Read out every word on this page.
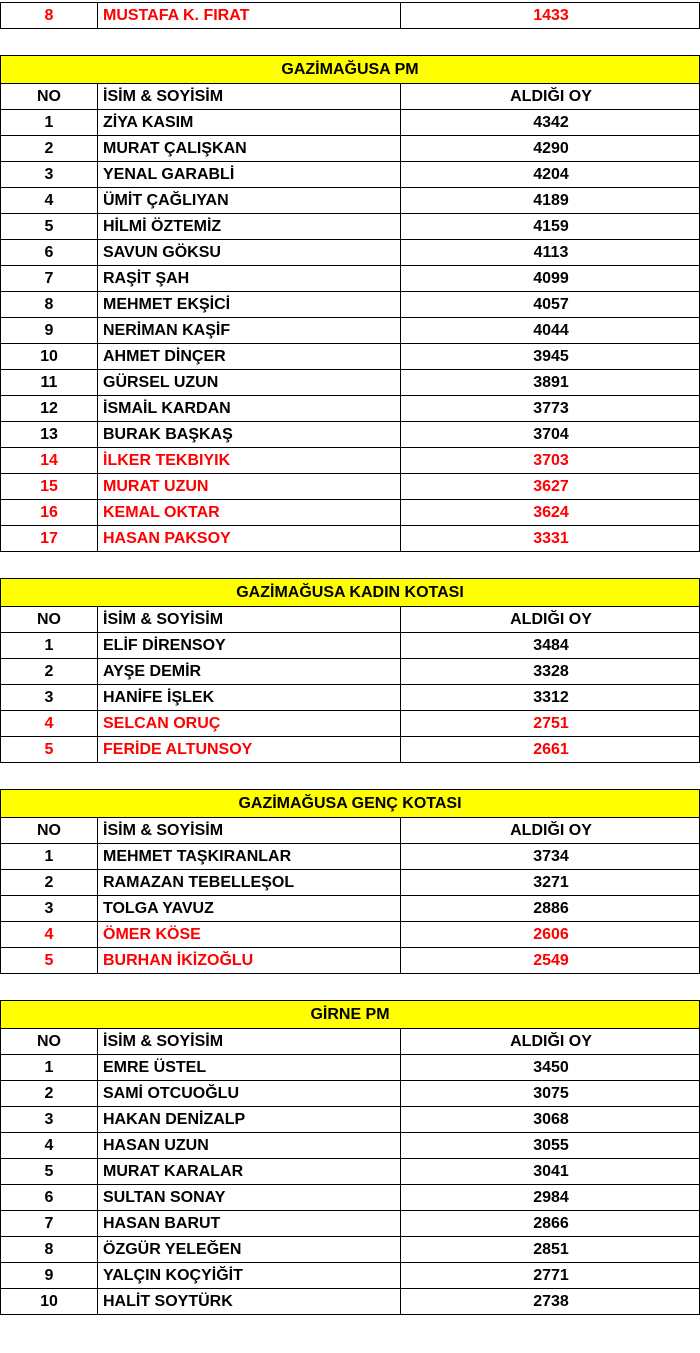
8	MUSTAFA K. FIRAT	1433
GAZİMAĞUSA PM
NO	İSİM & SOYİSİM	ALDIĞI OY
1	ZİYA KASIM	4342
2	MURAT ÇALIŞKAN	4290
3	YENAL GARABLİ	4204
4	ÜMİT ÇAĞLIYAN	4189
5	HİLMİ ÖZTEMİZ	4159
6	SAVUN GÖKSU	4113
7	RAŞİT ŞAH	4099
8	MEHMET EKŞİCİ	4057
9	NERİMAN KAŞİF	4044
10	AHMET DİNÇER	3945
11	GÜRSEL UZUN	3891
12	İSMAİL KARDAN	3773
13	BURAK BAŞKAŞ	3704
14	İLKER TEKBIYIK	3703
15	MURAT UZUN	3627
16	KEMAL OKTAR	3624
17	HASAN PAKSOY	3331
GAZİMAĞUSA KADIN KOTASI
NO	İSİM & SOYİSİM	ALDIĞI OY
1	ELİF DİRENSOY	3484
2	AYŞE DEMİR	3328
3	HANİFE İŞLEK	3312
4	SELCAN ORUÇ	2751
5	FERİDE ALTUNSOY	2661
GAZİMAĞUSA GENÇ KOTASI
NO	İSİM & SOYİSİM	ALDIĞI OY
1	MEHMET TAŞKIRANLAR	3734
2	RAMAZAN TEBELLEŞOL	3271
3	TOLGA YAVUZ	2886
4	ÖMER KÖSE	2606
5	BURHAN İKİZOĞLU	2549
GİRNE PM
NO	İSİM & SOYİSİM	ALDIĞI OY
1	EMRE ÜSTEL	3450
2	SAMİ OTCUOĞLU	3075
3	HAKAN DENİZALP	3068
4	HASAN UZUN	3055
5	MURAT KARALAR	3041
6	SULTAN SONAY	2984
7	HASAN BARUT	2866
8	ÖZGÜR YELEĞEN	2851
9	YALÇIN KOÇYİĞİT	2771
10	HALİT SOYTÜRK	2738
